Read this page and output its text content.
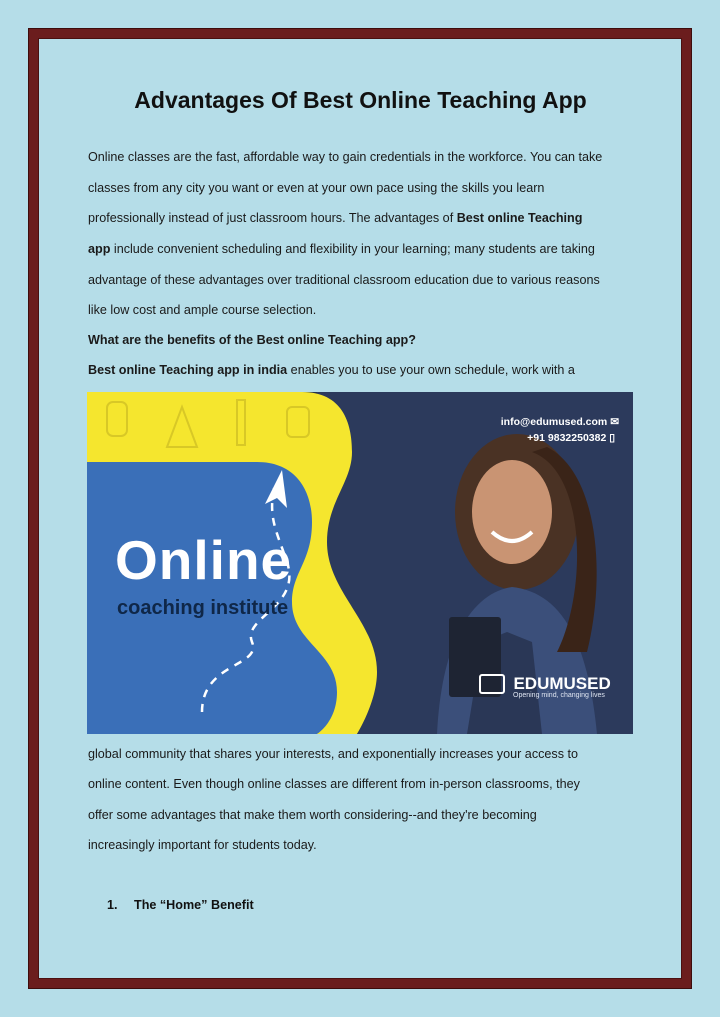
Advantages Of Best Online Teaching App

Online classes are the fast, affordable way to gain credentials in the workforce. You can take

classes from any city you want or even at your own pace using the skills you learn

professionally instead of just classroom hours. The advantages of Best online Teaching

app include convenient scheduling and flexibility in your learning; many students are taking

advantage of these advantages over traditional classroom education due to various reasons

like low cost and ample course selection.

What are the benefits of the Best online Teaching app?

Best online Teaching app in india enables you to use your own schedule, work with a

info@edumused.com ✉
+91 9832250382 ▯
Online
coaching institute
EDUMUSED
Opening mind, changing lives

global community that shares your interests, and exponentially increases your access to

online content. Even though online classes are different from in-person classrooms, they

offer some advantages that make them worth considering--and they're becoming

increasingly important for students today.

1. The “Home” Benefit
